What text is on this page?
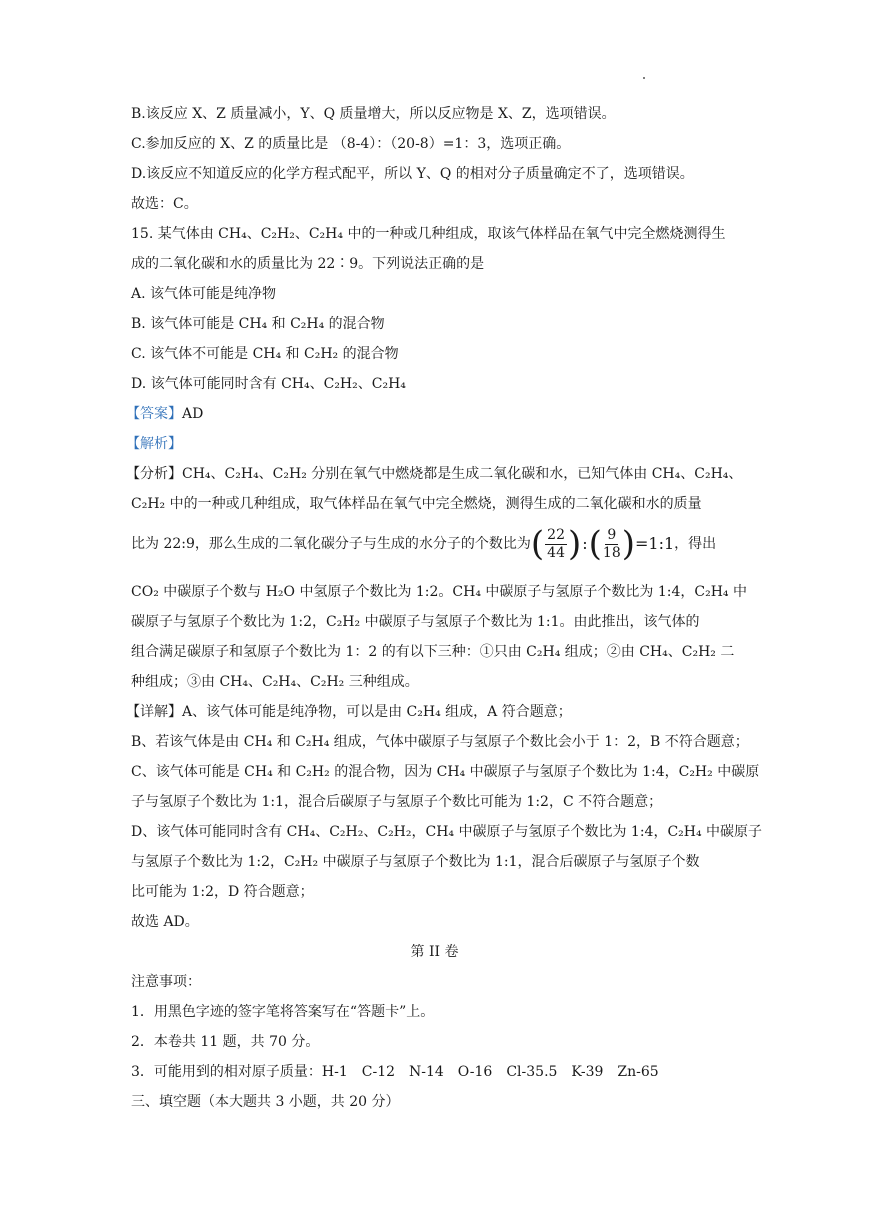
B.该反应 X、Z 质量减小，Y、Q 质量增大，所以反应物是 X、Z，选项错误。
C.参加反应的 X、Z 的质量比是 （8-4）：（20-8）=1：3，选项正确。
D.该反应不知道反应的化学方程式配平，所以 Y、Q 的相对分子质量确定不了，选项错误。
故选：C。
15. 某气体由 CH₄、C₂H₂、C₂H₄ 中的一种或几种组成，取该气体样品在氧气中完全燃烧测得生
成的二氧化碳和水的质量比为 22∶9。下列说法正确的是
A. 该气体可能是纯净物
B. 该气体可能是 CH₄ 和 C₂H₄ 的混合物
C. 该气体不可能是 CH₄ 和 C₂H₂ 的混合物
D. 该气体可能同时含有 CH₄、C₂H₂、C₂H₄
【答案】AD
【解析】
【分析】CH₄、C₂H₄、C₂H₂ 分别在氧气中燃烧都是生成二氧化碳和水，已知气体由 CH₄、C₂H₄、
C₂H₂ 中的一种或几种组成，取气体样品在氧气中完全燃烧，测得生成的二氧化碳和水的质量
比为 22:9，那么生成的二氧化碳分子与生成的水分子的个数比为( $\frac{22}{44}$ ):( $\frac{9}{18}$ )=1:1，得出
CO₂ 中碳原子个数与 H₂O 中氢原子个数比为 1:2。CH₄ 中碳原子与氢原子个数比为 1:4，C₂H₄ 中
碳原子与氢原子个数比为 1:2，C₂H₂ 中碳原子与氢原子个数比为 1:1。由此推出，该气体的
组合满足碳原子和氢原子个数比为 1：2 的有以下三种：①只由 C₂H₄ 组成；②由 CH₄、C₂H₂ 二
种组成；③由 CH₄、C₂H₄、C₂H₂ 三种组成。
【详解】A、该气体可能是纯净物，可以是由 C₂H₄ 组成，A 符合题意；
B、若该气体是由 CH₄ 和 C₂H₄ 组成，气体中碳原子与氢原子个数比会小于 1：2，B 不符合题意；
C、该气体可能是 CH₄ 和 C₂H₂ 的混合物，因为 CH₄ 中碳原子与氢原子个数比为 1:4，C₂H₂ 中碳原
子与氢原子个数比为 1:1，混合后碳原子与氢原子个数比可能为 1:2，C 不符合题意；
D、该气体可能同时含有 CH₄、C₂H₂、C₂H₂，CH₄ 中碳原子与氢原子个数比为 1:4，C₂H₄ 中碳原子
与氢原子个数比为 1:2，C₂H₂ 中碳原子与氢原子个数比为 1:1，混合后碳原子与氢原子个数
比可能为 1:2，D 符合题意；
故选 AD。
第 II 卷
注意事项：
1．用黑色字迹的签字笔将答案写在“答题卡”上。
2．本卷共 11 题，共 70 分。
3．可能用到的相对原子质量：H-1　C-12　N-14　O-16　Cl-35.5　K-39　Zn-65
三、填空题（本大题共 3 小题，共 20 分）
